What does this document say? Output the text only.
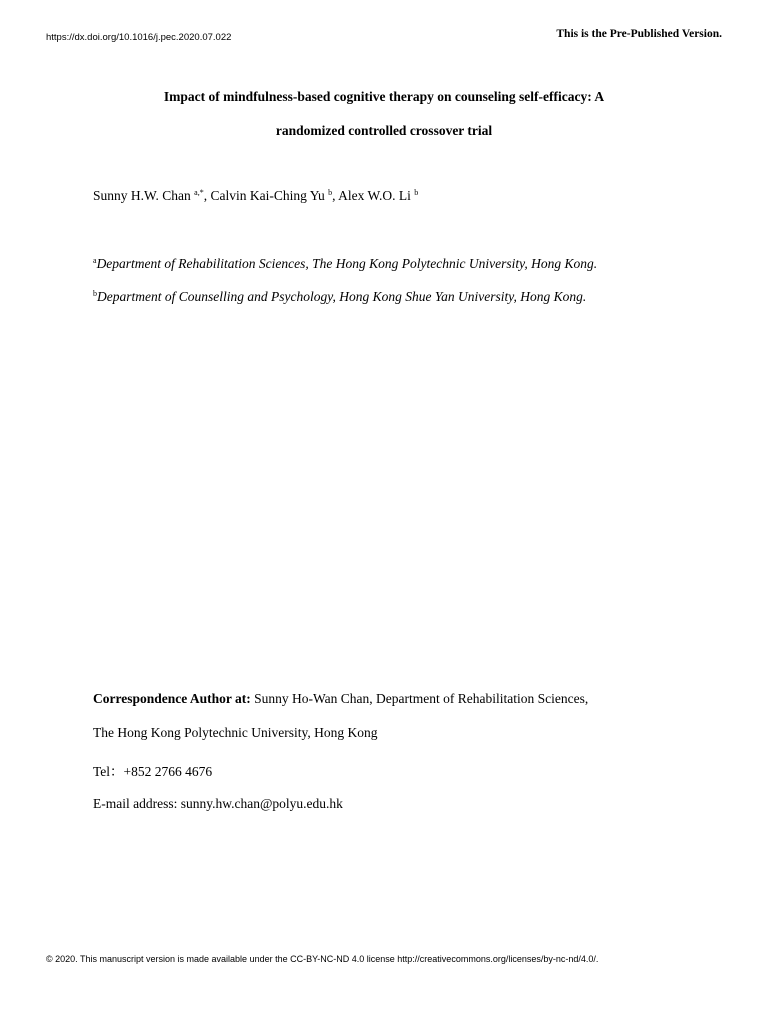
https://dx.doi.org/10.1016/j.pec.2020.07.022	This is the Pre-Published Version.
Impact of mindfulness-based cognitive therapy on counseling self-efficacy: A
randomized controlled crossover trial
Sunny H.W. Chan $^{a,*}$, Calvin Kai-Ching Yu $^b$, Alex W.O. Li $^b$
$^a$Department of Rehabilitation Sciences, The Hong Kong Polytechnic University, Hong Kong.
$^b$Department of Counselling and Psychology, Hong Kong Shue Yan University, Hong Kong.
Correspondence Author at: Sunny Ho-Wan Chan, Department of Rehabilitation Sciences,
The Hong Kong Polytechnic University, Hong Kong
Tel：+852 2766 4676
E-mail address: sunny.hw.chan@polyu.edu.hk
© 2020. This manuscript version is made available under the CC-BY-NC-ND 4.0 license http://creativecommons.org/licenses/by-nc-nd/4.0/.
